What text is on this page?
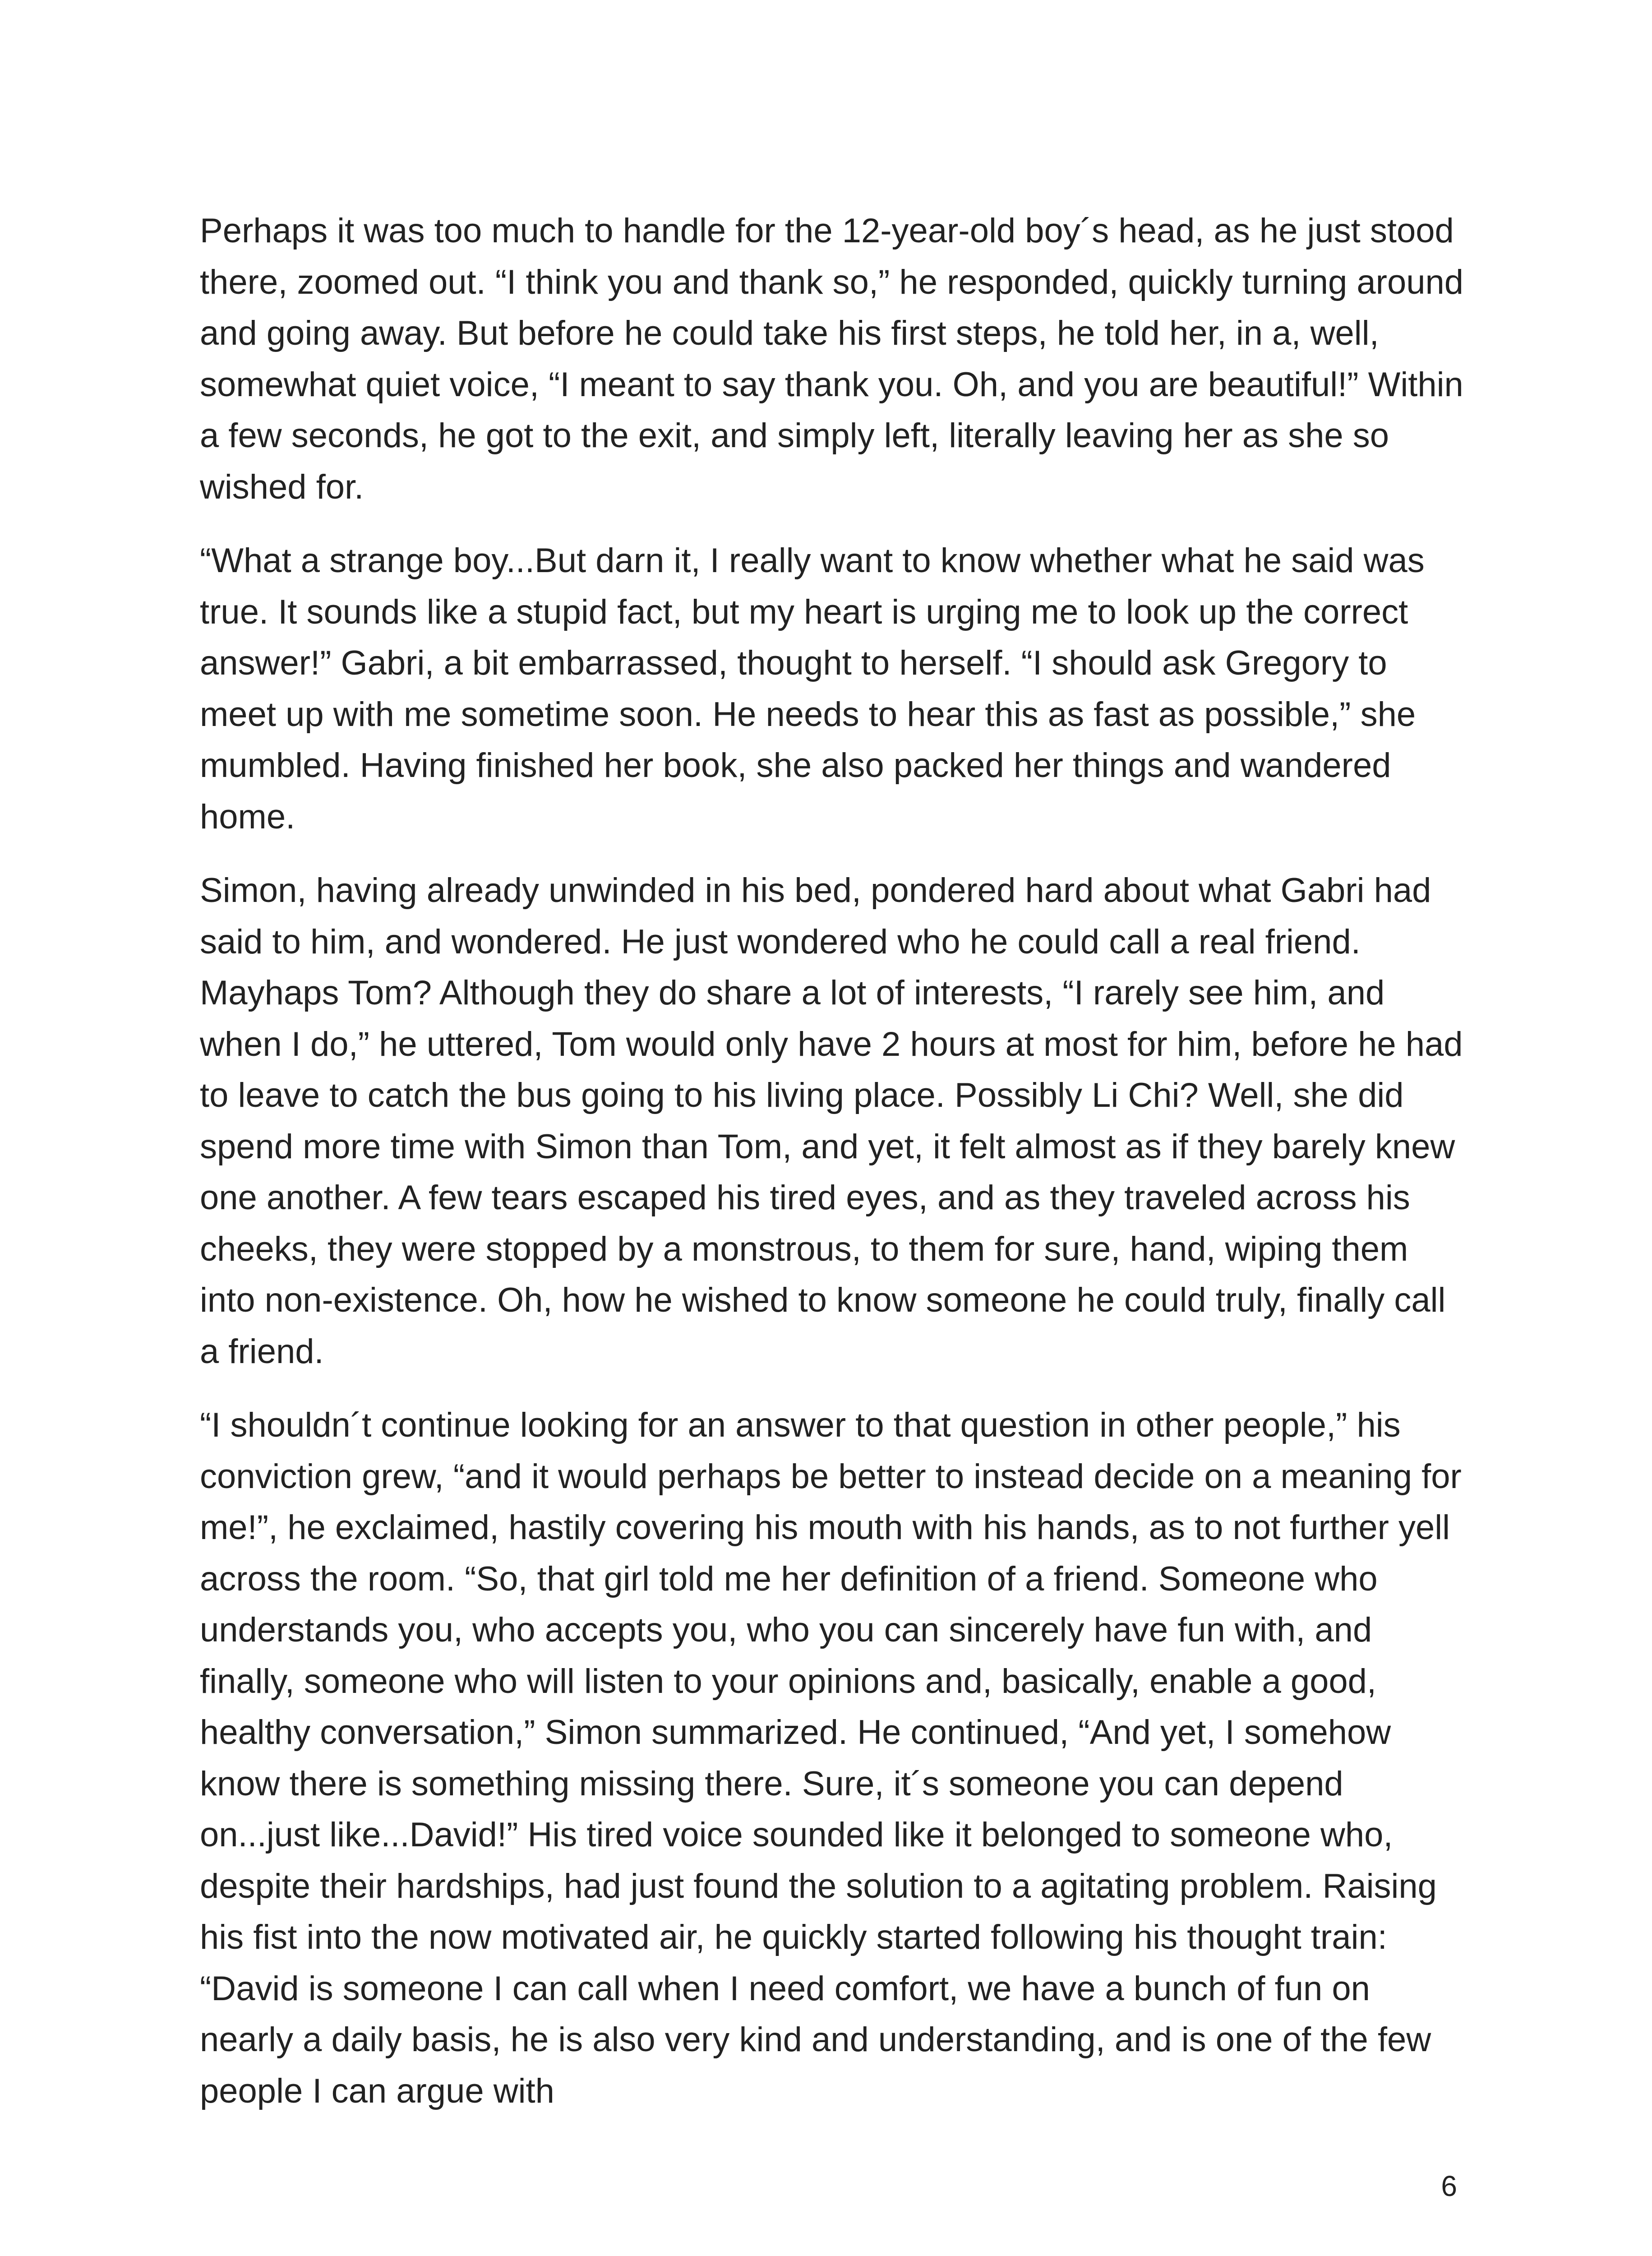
Perhaps it was too much to handle for the 12-year-old boy´s head, as he just stood there, zoomed out. “I think you and thank so,” he responded, quickly turning around and going away. But before he could take his first steps, he told her, in a, well, somewhat quiet voice, “I meant to say thank you. Oh, and you are beautiful!” Within a few seconds, he got to the exit, and simply left, literally leaving her as she so wished for.

“What a strange boy...But darn it, I really want to know whether what he said was true. It sounds like a stupid fact, but my heart is urging me to look up the correct answer!” Gabri, a bit embarrassed, thought to herself. “I should ask Gregory to meet up with me sometime soon. He needs to hear this as fast as possible,” she mumbled. Having finished her book, she also packed her things and wandered home.

Simon, having already unwinded in his bed, pondered hard about what Gabri had said to him, and wondered. He just wondered who he could call a real friend. Mayhaps Tom? Although they do share a lot of interests, “I rarely see him, and when I do,” he uttered, Tom would only have 2 hours at most for him, before he had to leave to catch the bus going to his living place. Possibly Li Chi? Well, she did spend more time with Simon than Tom, and yet, it felt almost as if they barely knew one another. A few tears escaped his tired eyes, and as they traveled across his cheeks, they were stopped by a monstrous, to them for sure, hand, wiping them into non-existence. Oh, how he wished to know someone he could truly, finally call a friend.

“I shouldn´t continue looking for an answer to that question in other people,” his conviction grew, “and it would perhaps be better to instead decide on a meaning for me!”, he exclaimed, hastily covering his mouth with his hands, as to not further yell across the room. “So, that girl told me her definition of a friend. Someone who understands you, who accepts you, who you can sincerely have fun with, and finally, someone who will listen to your opinions and, basically, enable a good, healthy conversation,” Simon summarized. He continued, “And yet, I somehow know there is something missing there. Sure, it´s someone you can depend on...just like...David!” His tired voice sounded like it belonged to someone who, despite their hardships, had just found the solution to a agitating problem. Raising his fist into the now motivated air, he quickly started following his thought train: “David is someone I can call when I need comfort, we have a bunch of fun on nearly a daily basis, he is also very kind and understanding, and is one of the few people I can argue with

6
